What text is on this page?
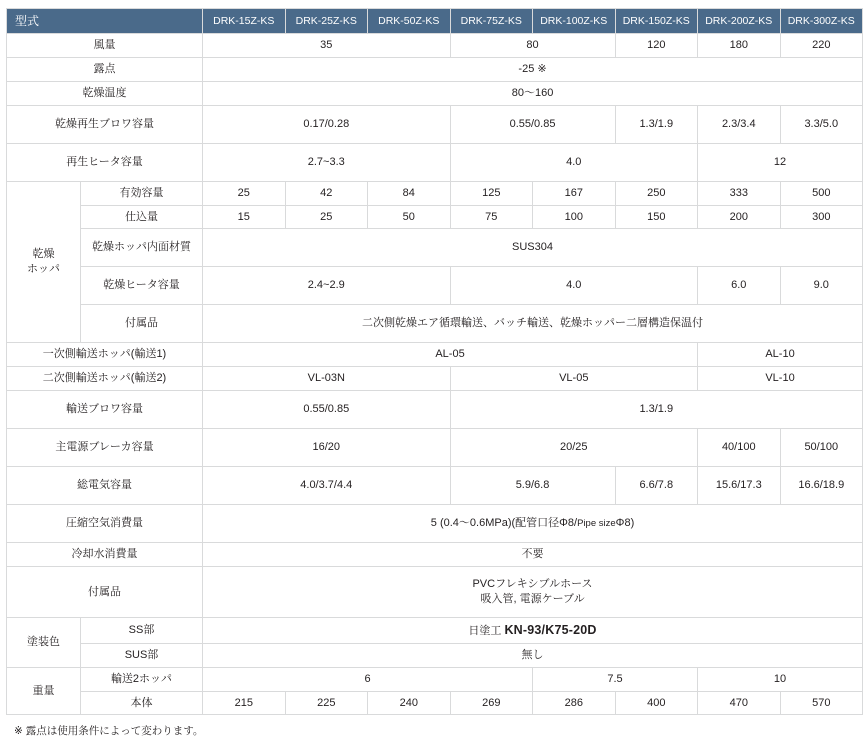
型式		DRK-15Z-KS	DRK-25Z-KS	DRK-50Z-KS	DRK-75Z-KS	DRK-100Z-KS	DRK-150Z-KS	DRK-200Z-KS	DRK-300Z-KS
風量		35			80		120	180	220
露点		-25 ※							
乾燥温度		80～160							
乾燥再生ブロワ容量		0.17/0.28			0.55/0.85		1.3/1.9	2.3/3.4	3.3/5.0
再生ヒータ容量		2.7~3.3			4.0			12	
乾燥
ホッパ	有効容量	25	42	84	125	167	250	333	500
	仕込量	15	25	50	75	100	150	200	300
	乾燥ホッパ内面材質	SUS304							
	乾燥ヒータ容量	2.4~2.9			4.0			6.0	9.0
	付属品	二次側乾燥エア循環輸送、バッチ輸送、乾燥ホッパー二層構造保温付							
一次側輸送ホッパ(輸送1)		AL-05						AL-10	
二次側輸送ホッパ(輸送2)		VL-03N			VL-05			VL-10	
輸送ブロワ容量		0.55/0.85			1.3/1.9				
主電源ブレーカ容量		16/20			20/25			40/100	50/100
総電気容量		4.0/3.7/4.4			5.9/6.8		6.6/7.8	15.6/17.3	16.6/18.9
圧縮空気消費量		5 (0.4～0.6MPa)(配管口径Φ8/Pipe sizeΦ8)							
冷却水消費量		不要							
付属品		PVCフレキシブルホース
吸入管, 電源ケーブル							

塗装色	SS部	日塗工 KN-93/K75-20D							
	SUS部	無し							
重量	輸送2ホッパ	6				7.5		10	
	本体	215	225	240	269	286	400	470	570
※ 露点は使用条件によって変わります。
